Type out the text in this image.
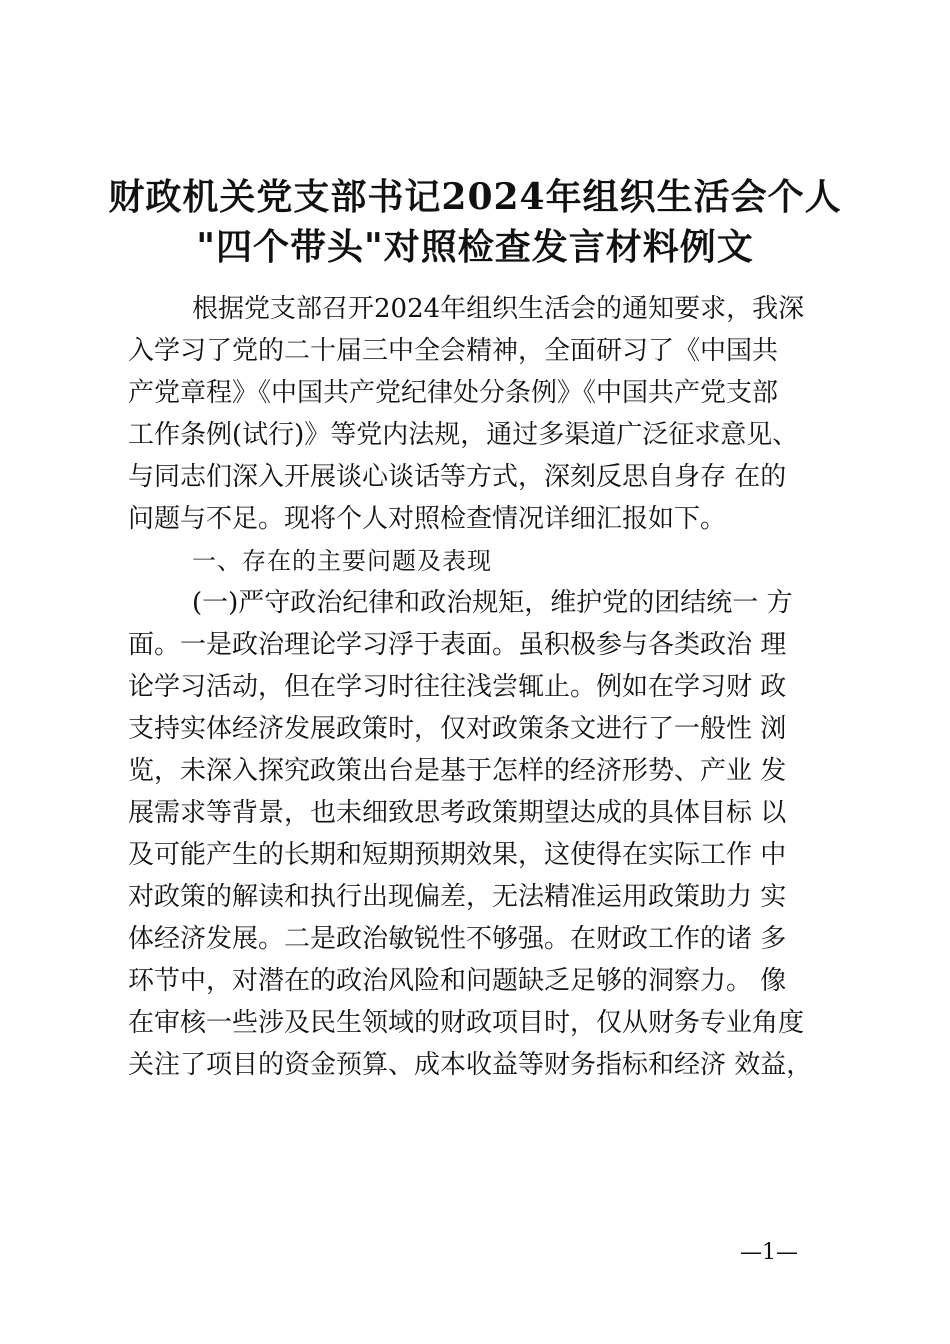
财政机关党支部书记2024年组织生活会个人
"四个带头"对照检查发言材料例文
根据党支部召开2024年组织生活会的通知要求，我深
入学习了党的二十届三中全会精神，全面研习了《中国共
产党章程》《中国共产党纪律处分条例》《中国共产党支部
工作条例(试行)》等党内法规，通过多渠道广泛征求意见、
与同志们深入开展谈心谈话等方式，深刻反思自身存 在的
问题与不足。现将个人对照检查情况详细汇报如下。
一、存在的主要问题及表现
(一)严守政治纪律和政治规矩，维护党的团结统一 方
面。一是政治理论学习浮于表面。虽积极参与各类政治 理
论学习活动，但在学习时往往浅尝辄止。例如在学习财 政
支持实体经济发展政策时，仅对政策条文进行了一般性 浏
览，未深入探究政策出台是基于怎样的经济形势、产业 发
展需求等背景，也未细致思考政策期望达成的具体目标 以
及可能产生的长期和短期预期效果，这使得在实际工作 中
对政策的解读和执行出现偏差，无法精准运用政策助力 实
体经济发展。二是政治敏锐性不够强。在财政工作的诸 多
环节中，对潜在的政治风险和问题缺乏足够的洞察力。 像
在审核一些涉及民生领域的财政项目时，仅从财务专业角度
关注了项目的资金预算、成本收益等财务指标和经济 效益，
—1—
